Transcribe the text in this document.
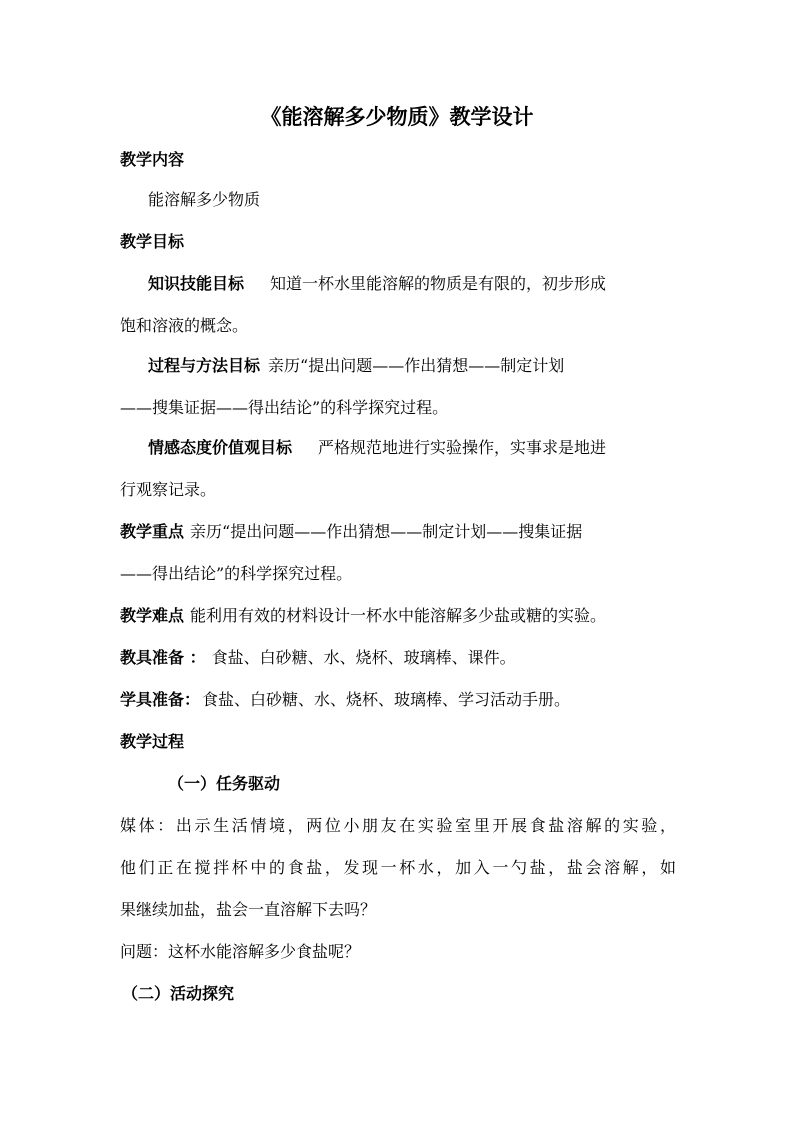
《能溶解多少物质》教学设计

教学内容

能溶解多少物质

教学目标

知识技能目标 知道一杯水里能溶解的物质是有限的，初步形成

饱和溶液的概念。

过程与方法目标 亲历“提出问题——作出猜想——制定计划

——搜集证据——得出结论”的科学探究过程。

情感态度价值观目标 严格规范地进行实验操作，实事求是地进

行观察记录。

教学重点 亲历“提出问题——作出猜想——制定计划——搜集证据

——得出结论”的科学探究过程。

教学难点 能利用有效的材料设计一杯水中能溶解多少盐或糖的实验。

教具准备 ： 食盐、白砂糖、水、烧杯、玻璃棒、课件。

学具准备： 食盐、白砂糖、水、烧杯、玻璃棒、学习活动手册。

教学过程

（一）任务驱动

媒体：出示生活情境，两位小朋友在实验室里开展食盐溶解的实验，

他们正在搅拌杯中的食盐，发现一杯水，加入一勺盐，盐会溶解，如

果继续加盐，盐会一直溶解下去吗？

问题：这杯水能溶解多少食盐呢？

（二）活动探究
